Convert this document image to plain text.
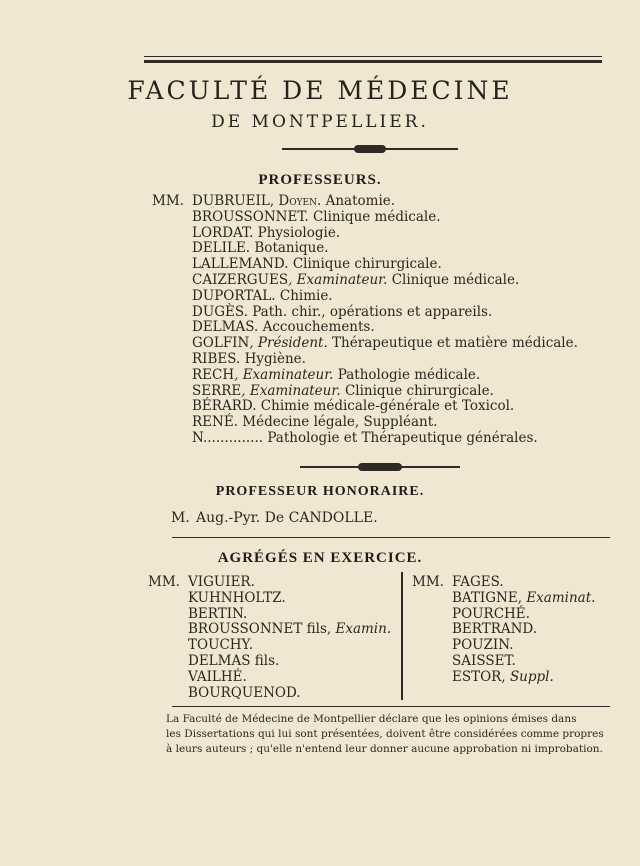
FACULTÉ DE MÉDECINE
DE MONTPELLIER.
PROFESSEURS.
MM. DUBRUEIL, Doyen. Anatomie.
BROUSSONNET. Clinique médicale.
LORDAT. Physiologie.
DELILE. Botanique.
LALLEMAND. Clinique chirurgicale.
CAIZERGUES, Examinateur. Clinique médicale.
DUPORTAL. Chimie.
DUGÈS. Path. chir., opérations et appareils.
DELMAS. Accouchements.
GOLFIN, Président. Thérapeutique et matière médicale.
RIBES. Hygiène.
RECH, Examinateur. Pathologie médicale.
SERRE, Examinateur. Clinique chirurgicale.
BÉRARD. Chimie médicale-générale et Toxicol.
RENÉ. Médecine légale, Suppléant.
N.............. Pathologie et Thérapeutique générales.
PROFESSEUR HONORAIRE.
M. Aug.-Pyr. De CANDOLLE.
AGRÉGÉS EN EXERCICE.
MM. VIGUIER.
KUHNHOLTZ.
BERTIN.
BROUSSONNET fils, Examin.
TOUCHY.
DELMAS fils.
VAILHÉ.
BOURQUENOD.
MM. FAGES.
BATIGNE, Examinat.
POURCHÉ.
BERTRAND.
POUZIN.
SAISSET.
ESTOR, Suppl.
La Faculté de Médecine de Montpellier déclare que les opinions émises dans
les Dissertations qui lui sont présentées, doivent être considérées comme propres
à leurs auteurs ; qu'elle n'entend leur donner aucune approbation ni improbation.
